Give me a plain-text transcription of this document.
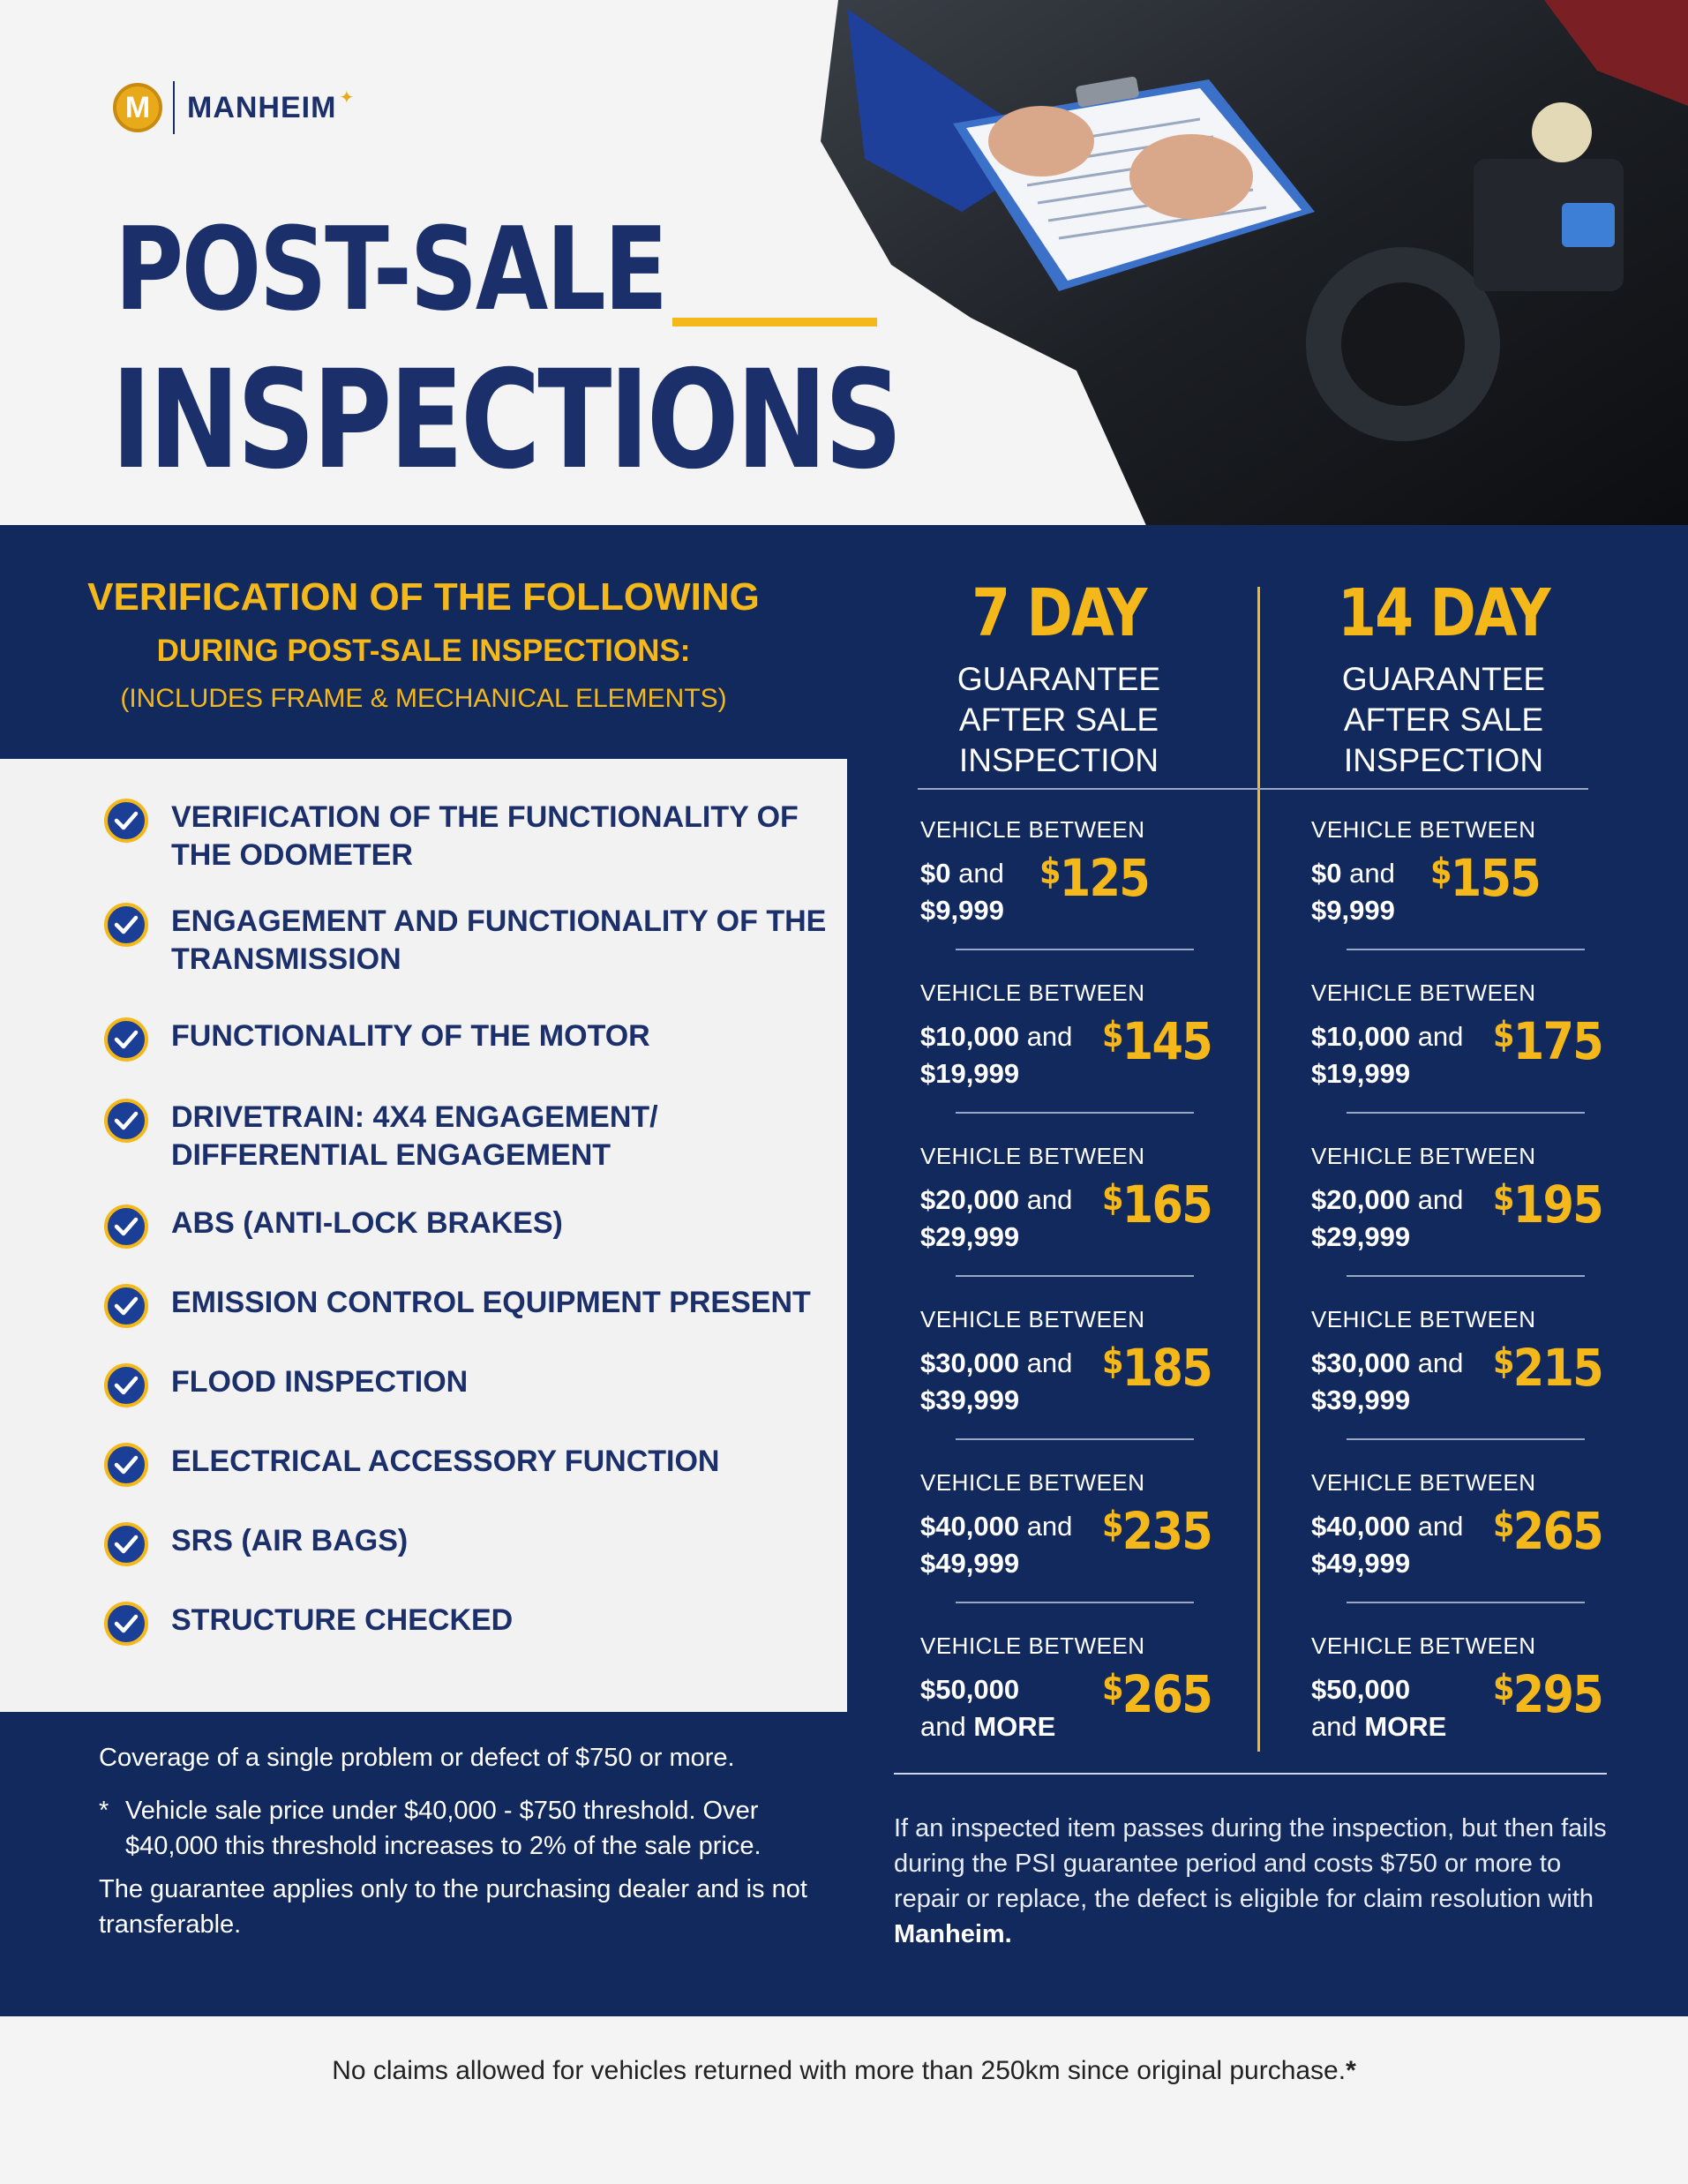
M	MANHEIM ✦
POST-SALE
INSPECTIONS
VERIFICATION OF THE FOLLOWING
DURING POST-SALE INSPECTIONS:
(INCLUDES FRAME & MECHANICAL ELEMENTS)
VERIFICATION OF THE FUNCTIONALITY OF THE ODOMETER
ENGAGEMENT AND FUNCTIONALITY OF THE TRANSMISSION
FUNCTIONALITY OF THE MOTOR
DRIVETRAIN: 4X4 ENGAGEMENT/ DIFFERENTIAL ENGAGEMENT
ABS (ANTI-LOCK BRAKES)
EMISSION CONTROL EQUIPMENT PRESENT
FLOOD INSPECTION
ELECTRICAL ACCESSORY FUNCTION
SRS (AIR BAGS)
STRUCTURE CHECKED
7 DAY
GUARANTEE
AFTER SALE
INSPECTION
14 DAY
GUARANTEE
AFTER SALE
INSPECTION
VEHICLE BETWEEN
$0 and
$9,999
$125
VEHICLE BETWEEN
$10,000 and
$19,999
$145
VEHICLE BETWEEN
$20,000 and
$29,999
$165
VEHICLE BETWEEN
$30,000 and
$39,999
$185
VEHICLE BETWEEN
$40,000 and
$49,999
$235
VEHICLE BETWEEN
$50,000
and MORE
$265
VEHICLE BETWEEN
$0 and
$9,999
$155
VEHICLE BETWEEN
$10,000 and
$19,999
$175
VEHICLE BETWEEN
$20,000 and
$29,999
$195
VEHICLE BETWEEN
$30,000 and
$39,999
$215
VEHICLE BETWEEN
$40,000 and
$49,999
$265
VEHICLE BETWEEN
$50,000
and MORE
$295
Coverage of a single problem or defect of $750 or more.
* Vehicle sale price under $40,000 - $750 threshold. Over $40,000 this threshold increases to 2% of the sale price.
The guarantee applies only to the purchasing dealer and is not transferable.
If an inspected item passes during the inspection, but then fails during the PSI guarantee period and costs $750 or more to repair or replace, the defect is eligible for claim resolution with Manheim.
No claims allowed for vehicles returned with more than 250km since original purchase.*
